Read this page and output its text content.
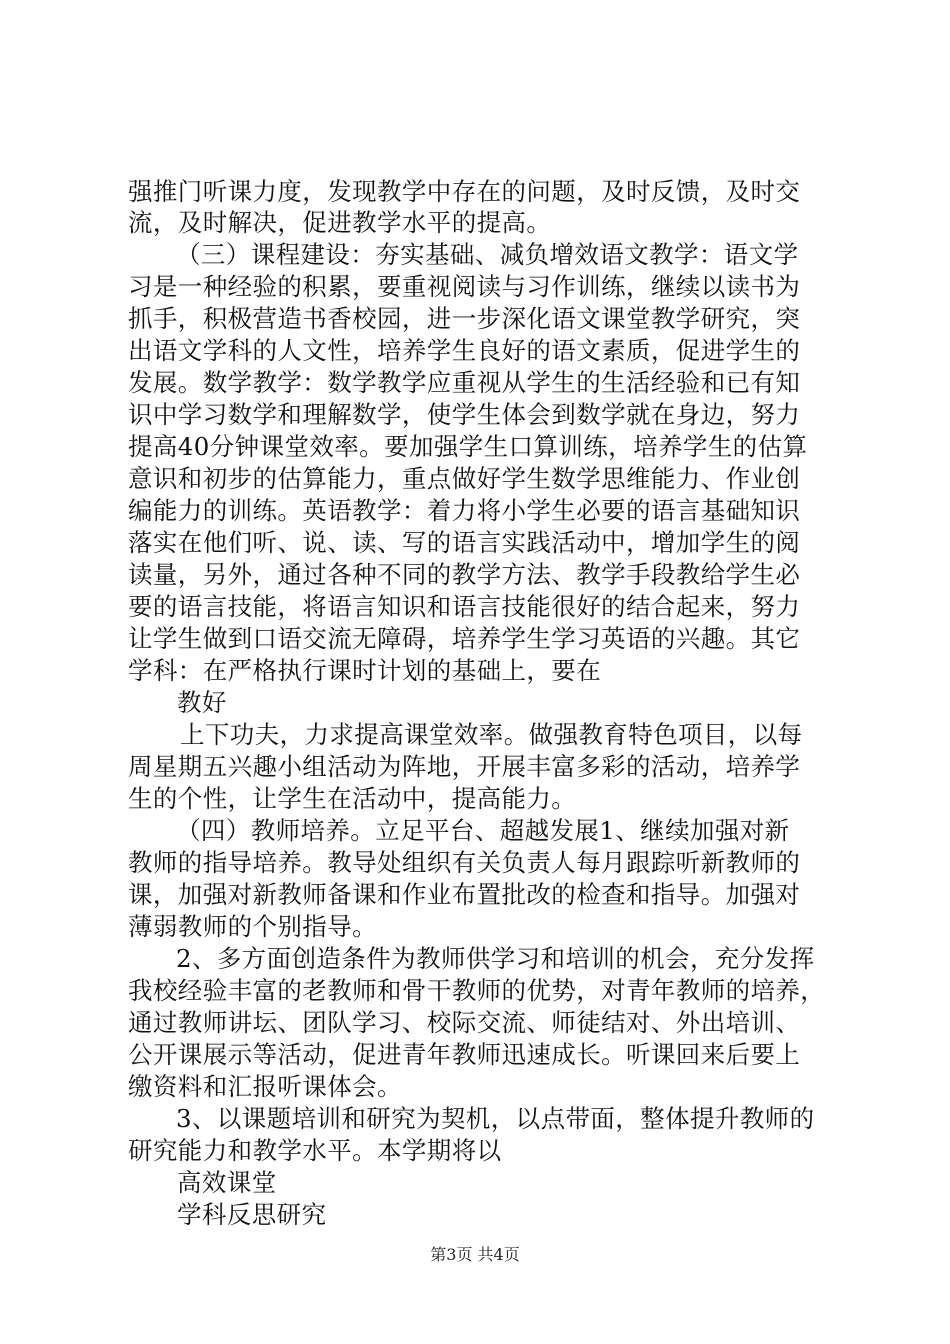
强推门听课力度，发现教学中存在的问题，及时反馈，及时交
流，及时解决，促进教学水平的提高。
（三）课程建设：夯实基础、减负增效语文教学：语文学
习是一种经验的积累，要重视阅读与习作训练，继续以读书为
抓手，积极营造书香校园，进一步深化语文课堂教学研究，突
出语文学科的人文性，培养学生良好的语文素质，促进学生的
发展。数学教学：数学教学应重视从学生的生活经验和已有知
识中学习数学和理解数学，使学生体会到数学就在身边，努力
提高40分钟课堂效率。要加强学生口算训练，培养学生的估算
意识和初步的估算能力，重点做好学生数学思维能力、作业创
编能力的训练。英语教学：着力将小学生必要的语言基础知识
落实在他们听、说、读、写的语言实践活动中，增加学生的阅
读量，另外，通过各种不同的教学方法、教学手段教给学生必
要的语言技能，将语言知识和语言技能很好的结合起来，努力
让学生做到口语交流无障碍，培养学生学习英语的兴趣。其它
学科：在严格执行课时计划的基础上，要在
教好
上下功夫，力求提高课堂效率。做强教育特色项目，以每
周星期五兴趣小组活动为阵地，开展丰富多彩的活动，培养学
生的个性，让学生在活动中，提高能力。
（四）教师培养。立足平台、超越发展1、继续加强对新
教师的指导培养。教导处组织有关负责人每月跟踪听新教师的
课，加强对新教师备课和作业布置批改的检查和指导。加强对
薄弱教师的个别指导。
2、多方面创造条件为教师供学习和培训的机会，充分发挥
我校经验丰富的老教师和骨干教师的优势，对青年教师的培养，
通过教师讲坛、团队学习、校际交流、师徒结对、外出培训、
公开课展示等活动，促进青年教师迅速成长。听课回来后要上
缴资料和汇报听课体会。
3、以课题培训和研究为契机，以点带面，整体提升教师的
研究能力和教学水平。本学期将以
高效课堂
学科反思研究
第3页 共4页
